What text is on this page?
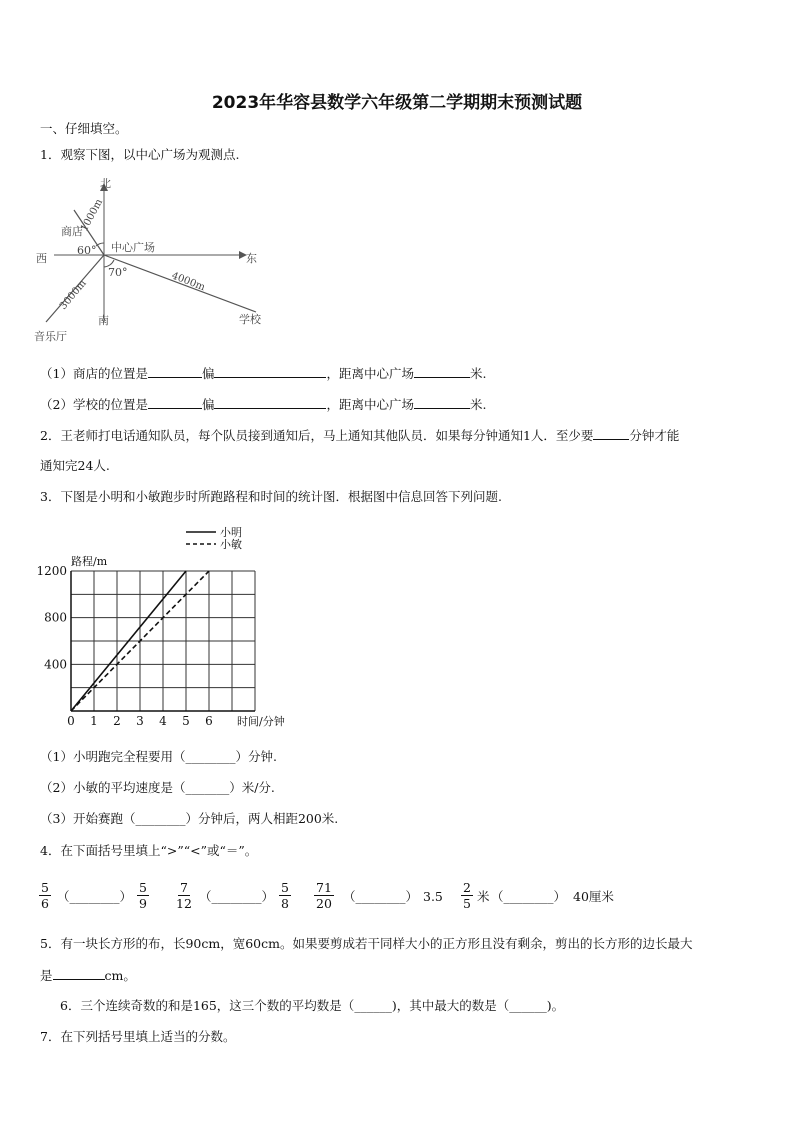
2023年华容县数学六年级第二学期期末预测试题
一、仔细填空。
1．观察下图，以中心广场为观测点.
北
东
西
南
中心广场
商店
学校
音乐厅
60°
70°
1000m
4000m
3000m
（1）商店的位置是	偏	，距离中心广场	米.
（2）学校的位置是	偏	，距离中心广场	米.
2．王老师打电话通知队员，每个队员接到通知后，马上通知其他队员．如果每分钟通知1人．至少要	分钟才能
通知完24人.
3．下图是小明和小敏跑步时所跑路程和时间的统计图．根据图中信息回答下列问题.
0 1 2 3 4 5 6
400
800
1200
路程/m
时间/分钟
小明
小敏
（1）小明跑完全程要用（________）分钟.
（2）小敏的平均速度是（_______）米/分.
（3）开始赛跑（________）分钟后，两人相距200米.
4．在下面括号里填上“>”“<”或“＝”。
$\frac{5}{6}$ （________） $\frac{5}{9} \frac{7}{12}$ （________） $\frac{5}{8} \frac{71}{20}$ （________） $3.5 \frac{2}{5}$ 米 （________） 40厘米
5．有一块长方形的布，长90cm，宽60cm。如果要剪成若干同样大小的正方形且没有剩余，剪出的长方形的边长最大
是	cm。
6．三个连续奇数的和是165，这三个数的平均数是（______)，其中最大的数是（______)。
7．在下列括号里填上适当的分数。
